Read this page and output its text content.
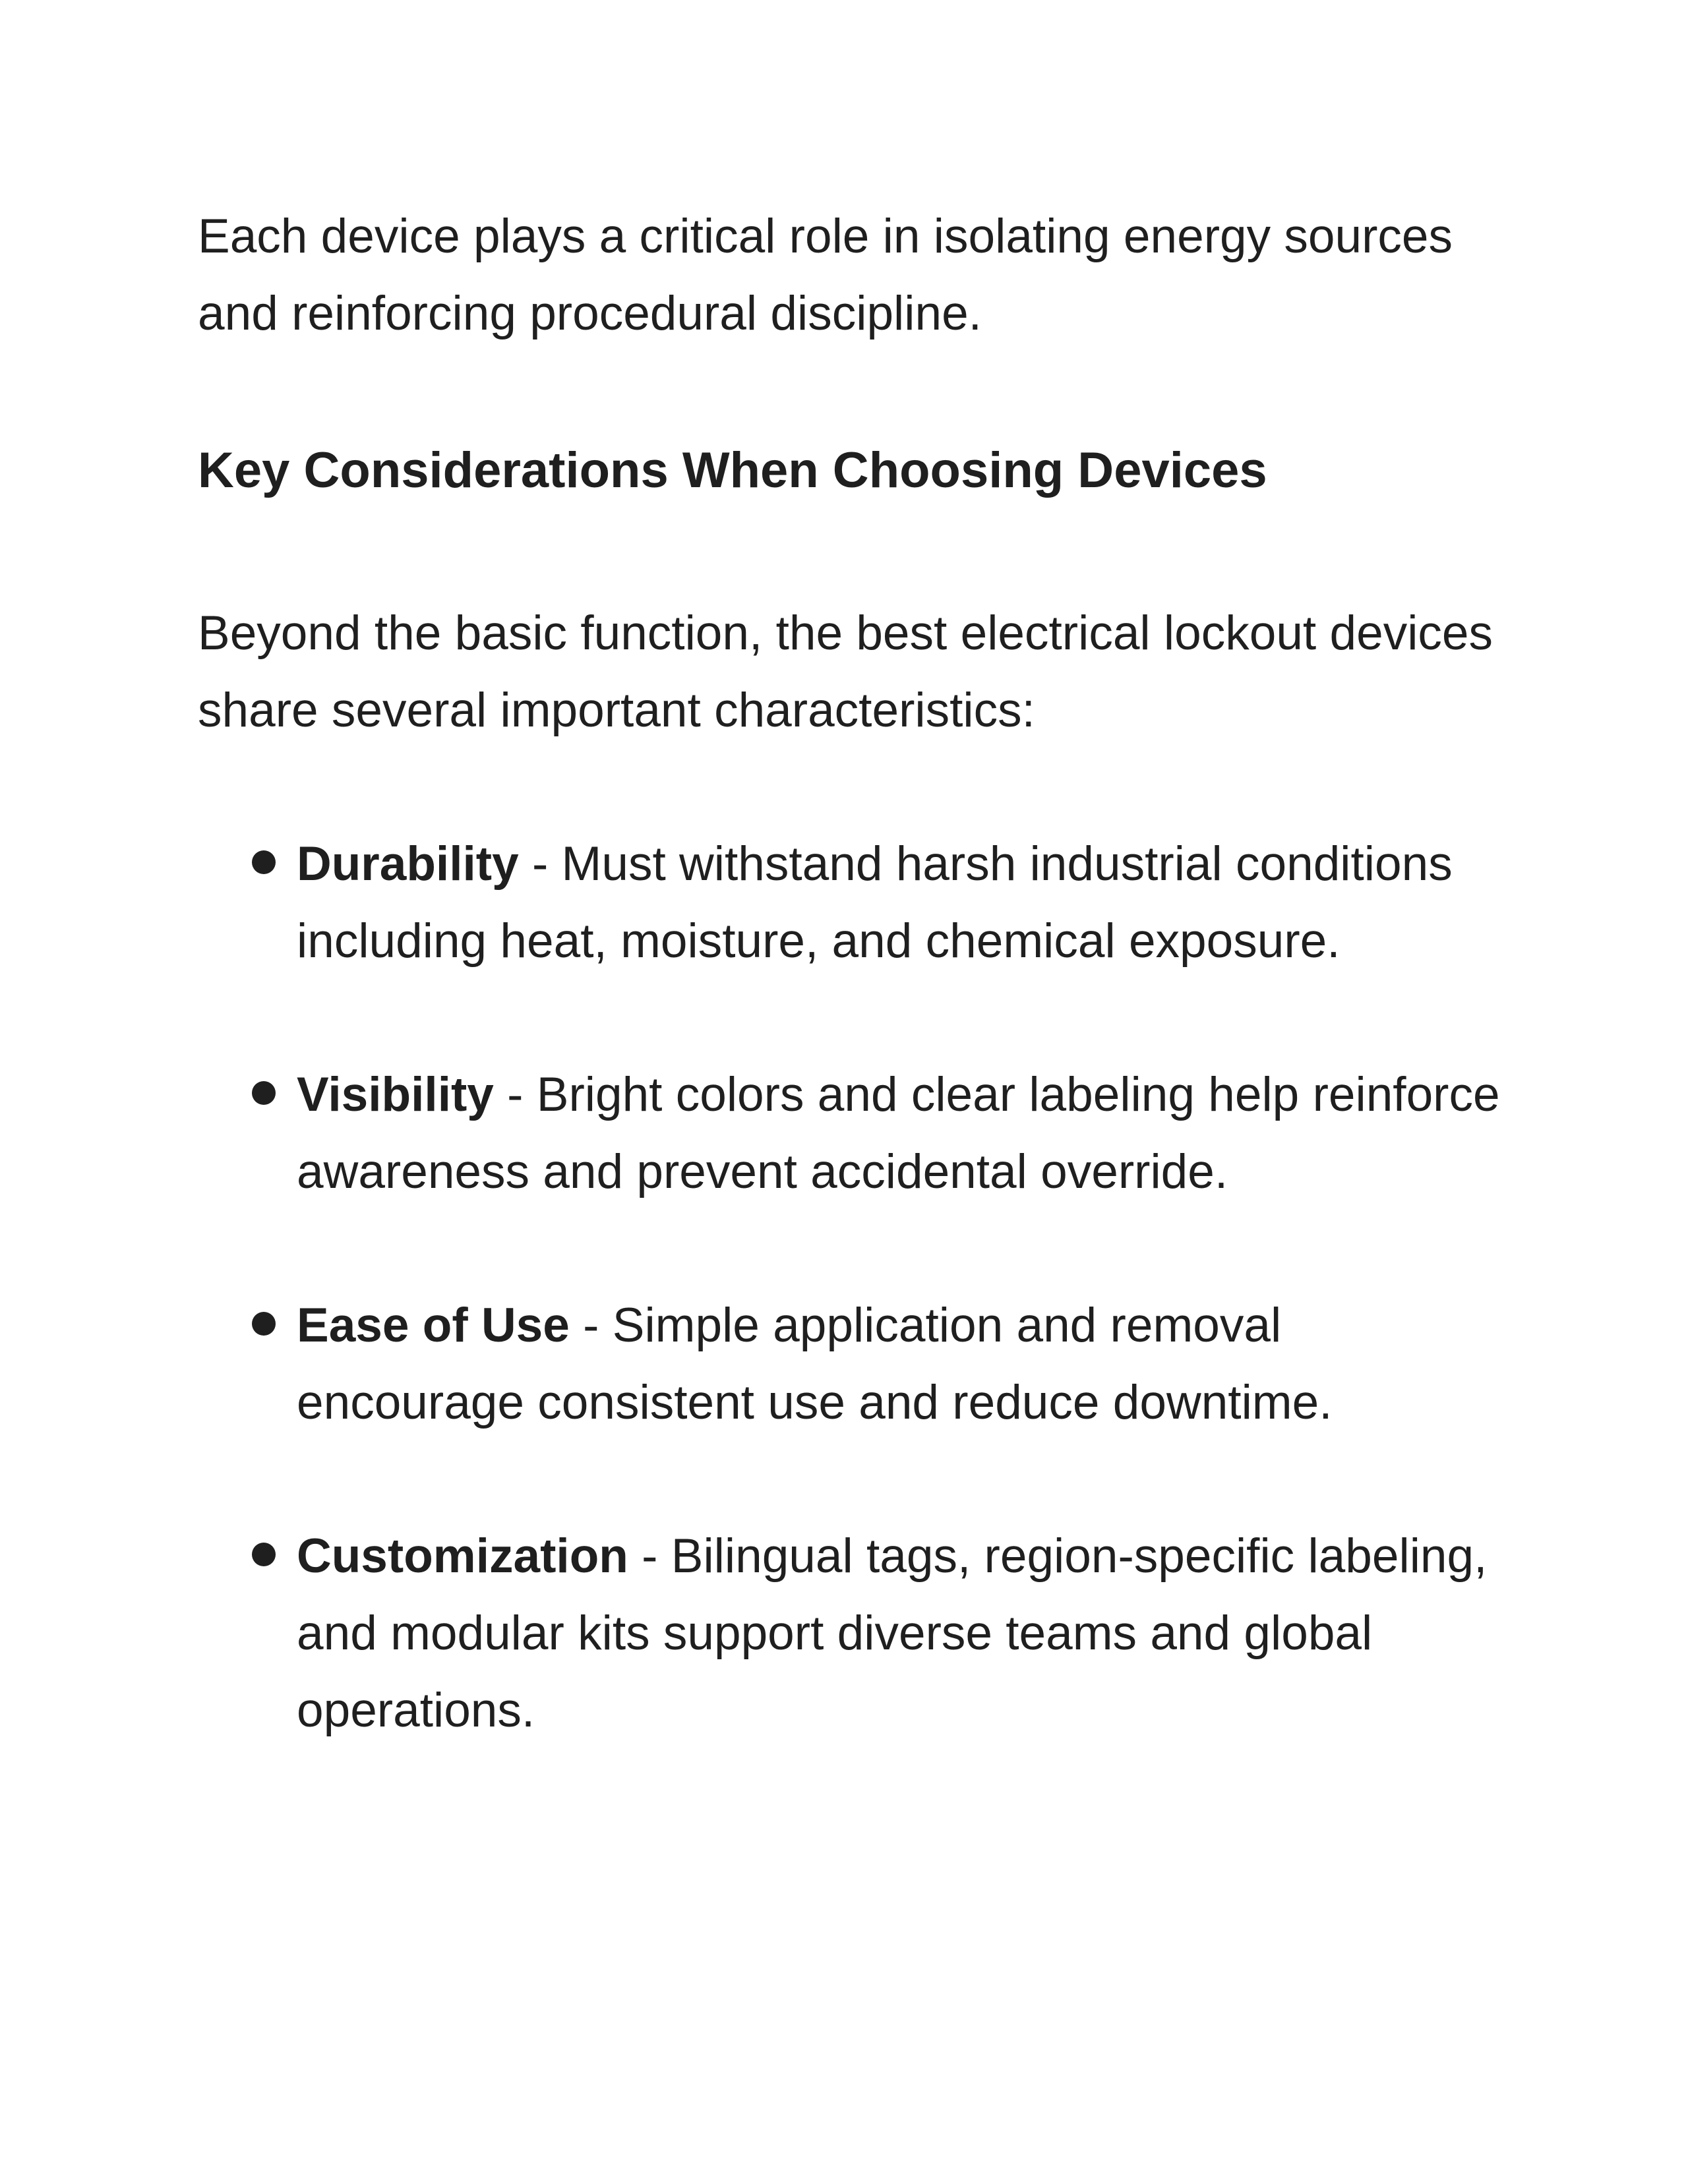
Each device plays a critical role in isolating energy sources and reinforcing procedural discipline.

Key Considerations When Choosing Devices

Beyond the basic function, the best electrical lockout devices share several important characteristics:

Durability - Must withstand harsh industrial conditions including heat, moisture, and chemical exposure.
Visibility - Bright colors and clear labeling help reinforce awareness and prevent accidental override.
Ease of Use - Simple application and removal encourage consistent use and reduce downtime.
Customization - Bilingual tags, region-specific labeling, and modular kits support diverse teams and global operations.
